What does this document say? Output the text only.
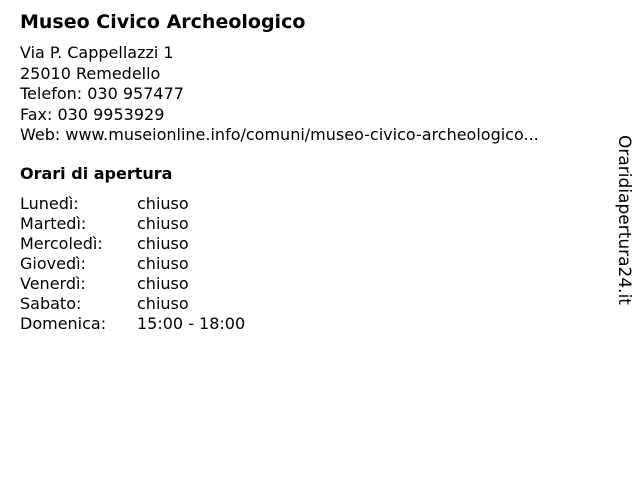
Museo Civico Archeologico
Via P. Cappellazzi 1
25010 Remedello
Telefon: 030 957477
Fax: 030 9953929
Web: www.museionline.info/comuni/museo-civico-archeologico...
Orari di apertura
Lunedì:	chiuso
Martedì:	chiuso
Mercoledì: chiuso
Giovedì:	chiuso
Venerdì:	chiuso
Sabato:	chiuso
Domenica: 15:00 - 18:00
Oraridiapertura24.it
